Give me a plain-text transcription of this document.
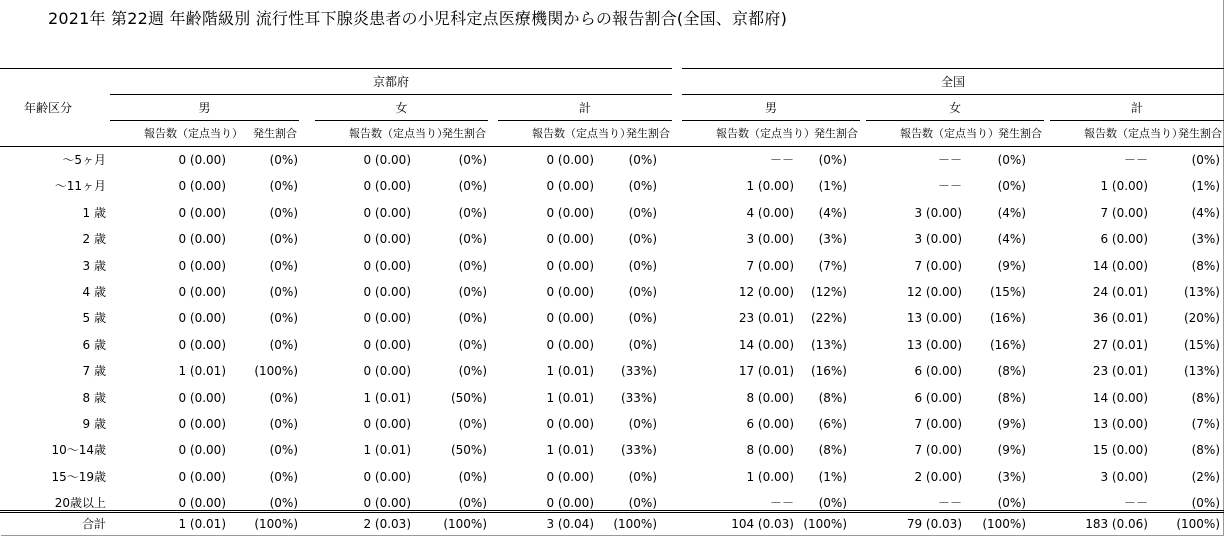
2021年 第22週 年齢階級別 流行性耳下腺炎患者の小児科定点医療機関からの報告割合(全国、京都府)
年齢区分
京都府
男
報告数（定点当り） 発生割合
女
報告数（定点当り）
発生割合
計
報告数（定点当り）
発生割合
全国
男
報告数（定点当り） 発生割合
女
報告数（定点当り） 発生割合
計
報告数（定点当り）
発生割合
～5ヶ月	0 (0.00)	(0%)	0 (0.00)	(0%)	0 (0.00)	(0%)	－－ (0%)	－－	(0%)	－－	(0%)
～11ヶ月	0 (0.00)	(0%)	0 (0.00)	(0%)	0 (0.00)	(0%)	1 (0.00) (1%)	－－	(0%)	1 (0.00)	(1%)
1 歳	0 (0.00)	(0%)	0 (0.00)	(0%)	0 (0.00)	(0%)	4 (0.00) (4%)	3 (0.00)	(4%)	7 (0.00)	(4%)
2 歳	0 (0.00)	(0%)	0 (0.00)	(0%)	0 (0.00)	(0%)	3 (0.00) (3%)	3 (0.00)	(4%)	6 (0.00)	(3%)
3 歳	0 (0.00)	(0%)	0 (0.00)	(0%)	0 (0.00)	(0%)	7 (0.00) (7%)	7 (0.00)	(9%)	14 (0.00)	(8%)
4 歳	0 (0.00)	(0%)	0 (0.00)	(0%)	0 (0.00)	(0%)	12 (0.00) (12%)	12 (0.00) (15%)	24 (0.01)	(13%)
5 歳	0 (0.00)	(0%)	0 (0.00)	(0%)	0 (0.00)	(0%)	23 (0.01) (22%)	13 (0.00) (16%)	36 (0.01)	(20%)
6 歳	0 (0.00)	(0%)	0 (0.00)	(0%)	0 (0.00)	(0%)	14 (0.00) (13%)	13 (0.00) (16%)	27 (0.01)	(15%)
7 歳	1 (0.01) (100%)	0 (0.00)	(0%)	1 (0.01) (33%)	17 (0.01) (16%)	6 (0.00)	(8%)	23 (0.01)	(13%)
8 歳	0 (0.00)	(0%)	1 (0.01)	(50%)	1 (0.01) (33%)	8 (0.00) (8%)	6 (0.00)	(8%)	14 (0.00)	(8%)
9 歳	0 (0.00)	(0%)	0 (0.00)	(0%)	0 (0.00)	(0%)	6 (0.00) (6%)	7 (0.00)	(9%)	13 (0.00)	(7%)
10～14歳	0 (0.00)	(0%)	1 (0.01)	(50%)	1 (0.01) (33%)	8 (0.00) (8%)	7 (0.00)	(9%)	15 (0.00)	(8%)
15～19歳	0 (0.00)	(0%)	0 (0.00)	(0%)	0 (0.00)	(0%)	1 (0.00) (1%)	2 (0.00)	(3%)	3 (0.00)	(2%)
20歳以上	0 (0.00)	(0%)	0 (0.00)	(0%)	0 (0.00)	(0%)	－－ (0%)	－－	(0%)	－－	(0%)
合計	1 (0.01) (100%)	2 (0.03)	(100%)	3 (0.04) (100%)	104 (0.03) (100%)	79 (0.03) (100%)	183 (0.06) (100%)
